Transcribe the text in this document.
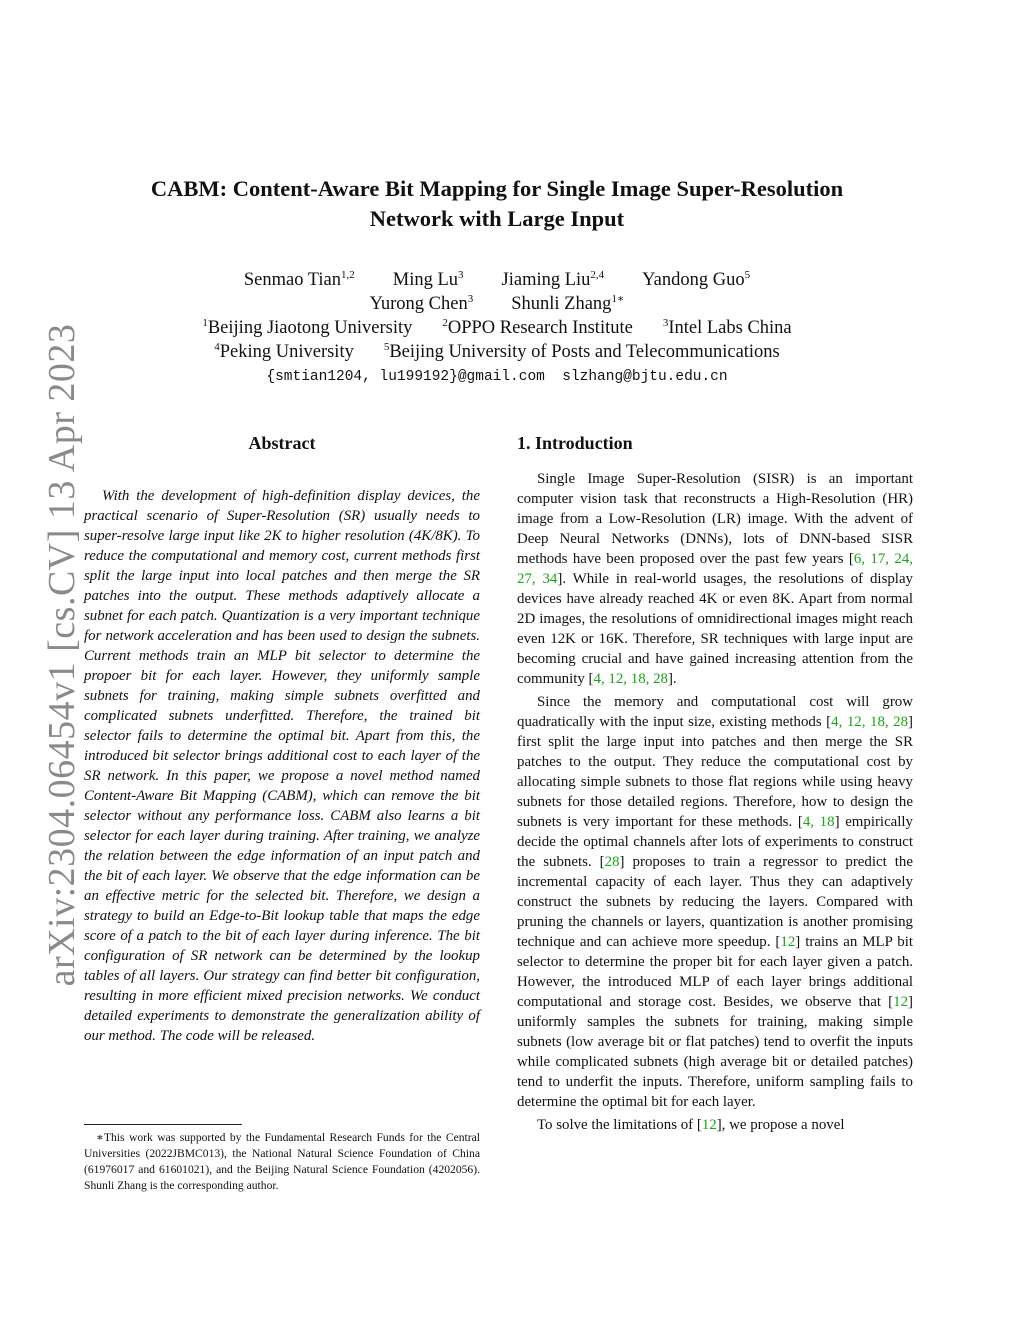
arXiv:2304.06454v1 [cs.CV] 13 Apr 2023
CABM: Content-Aware Bit Mapping for Single Image Super-Resolution
Network with Large Input
Senmao Tian$^{1,2}$ Ming Lu$^3$ Jiaming Liu$^{2,4}$ Yandong Guo$^5$
Yurong Chen$^3$ Shunli Zhang$^{1∗}$
$^1$Beijing Jiaotong University	$^2$OPPO Research Institute	$^3$Intel Labs China
$^4$Peking University	$^5$Beijing University of Posts and Telecommunications
{smtian1204, lu199192}@gmail.com  slzhang@bjtu.edu.cn
Abstract
With the development of high-definition display devices, the practical scenario of Super-Resolution (SR) usually needs to super-resolve large input like 2K to higher resolution (4K/8K). To reduce the computational and memory cost, current methods first split the large input into local patches and then merge the SR patches into the output. These methods adaptively allocate a subnet for each patch. Quantization is a very important technique for network acceleration and has been used to design the subnets. Current methods train an MLP bit selector to determine the propoer bit for each layer. However, they uniformly sample subnets for training, making simple subnets overfitted and complicated subnets underfitted. Therefore, the trained bit selector fails to determine the optimal bit. Apart from this, the introduced bit selector brings additional cost to each layer of the SR network. In this paper, we propose a novel method named Content-Aware Bit Mapping (CABM), which can remove the bit selector without any performance loss. CABM also learns a bit selector for each layer during training. After training, we analyze the relation between the edge information of an input patch and the bit of each layer. We observe that the edge information can be an effective metric for the selected bit. Therefore, we design a strategy to build an Edge-to-Bit lookup table that maps the edge score of a patch to the bit of each layer during inference. The bit configuration of SR network can be determined by the lookup tables of all layers. Our strategy can find better bit configuration, resulting in more efficient mixed precision networks. We conduct detailed experiments to demonstrate the generalization ability of our method. The code will be released.
∗This work was supported by the Fundamental Research Funds for the Central Universities (2022JBMC013), the National Natural Science Foundation of China (61976017 and 61601021), and the Beijing Natural Science Foundation (4202056). Shunli Zhang is the corresponding author.
1. Introduction

Single Image Super-Resolution (SISR) is an important computer vision task that reconstructs a High-Resolution (HR) image from a Low-Resolution (LR) image. With the advent of Deep Neural Networks (DNNs), lots of DNN-based SISR methods have been proposed over the past few years [6, 17, 24, 27, 34]. While in real-world usages, the resolutions of display devices have already reached 4K or even 8K. Apart from normal 2D images, the resolutions of omnidirectional images might reach even 12K or 16K. Therefore, SR techniques with large input are becoming crucial and have gained increasing attention from the community [4, 12, 18, 28].

Since the memory and computational cost will grow quadratically with the input size, existing methods [4, 12, 18, 28] first split the large input into patches and then merge the SR patches to the output. They reduce the computational cost by allocating simple subnets to those flat regions while using heavy subnets for those detailed regions. Therefore, how to design the subnets is very important for these methods. [4, 18] empirically decide the optimal channels after lots of experiments to construct the subnets. [28] proposes to train a regressor to predict the incremental capacity of each layer. Thus they can adaptively construct the subnets by reducing the layers. Compared with pruning the channels or layers, quantization is another promising technique and can achieve more speedup. [12] trains an MLP bit selector to determine the proper bit for each layer given a patch. However, the introduced MLP of each layer brings additional computational and storage cost. Besides, we observe that [12] uniformly samples the subnets for training, making simple subnets (low average bit or flat patches) tend to overfit the inputs while complicated subnets (high average bit or detailed patches) tend to underfit the inputs. Therefore, uniform sampling fails to determine the optimal bit for each layer.

To solve the limitations of [12], we propose a novel
